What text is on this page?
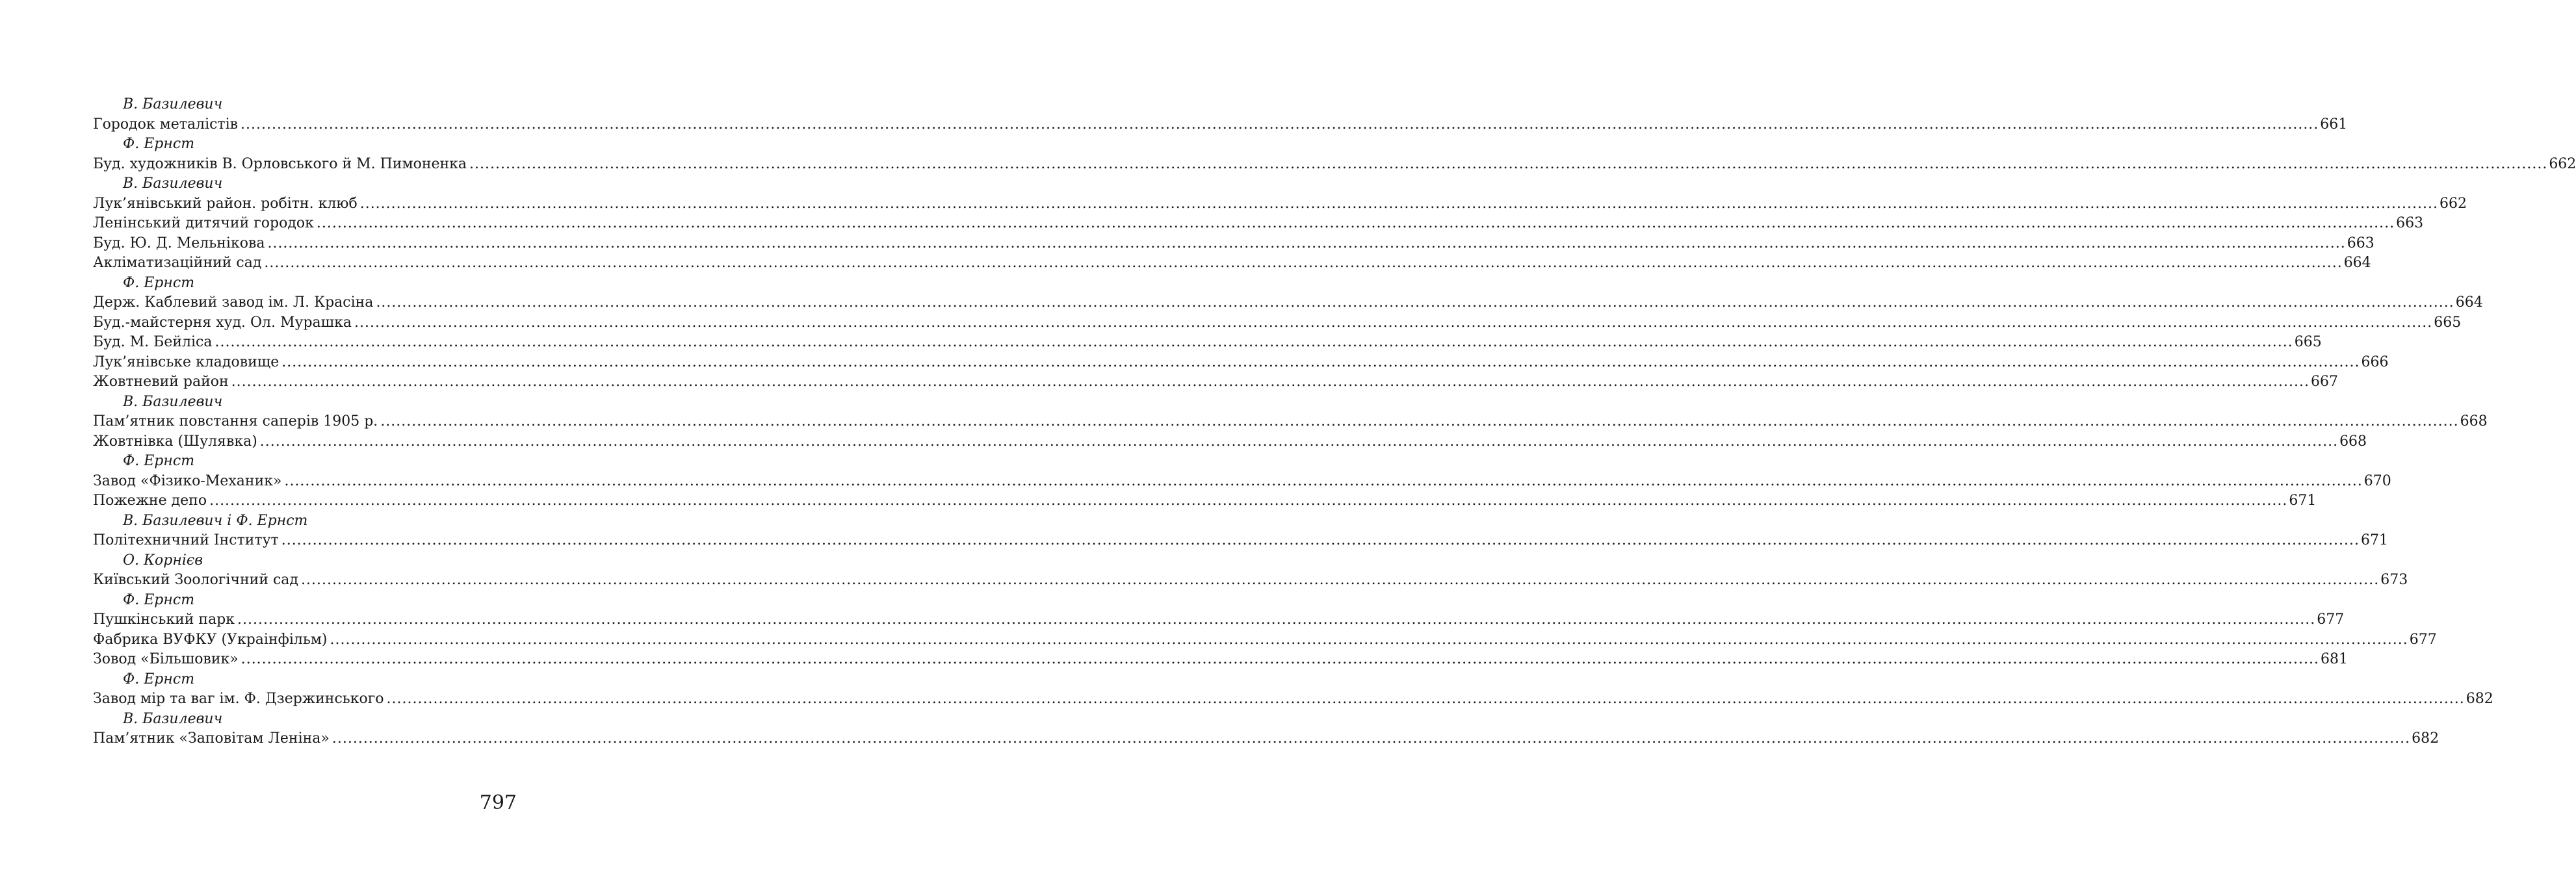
В. Базилевич
Городок металістів ................................................................................................................................................................................................................................................................................................................................................................................................................ 661
Ф. Ернст
Буд. художників В. Орловського й М. Пимоненка ................................................................................................................................................................................................................................................................................................................................................................................................................ 662
В. Базилевич
Лук’янівський район. робітн. клюб ................................................................................................................................................................................................................................................................................................................................................................................................................ 662
Ленінський дитячий городок ................................................................................................................................................................................................................................................................................................................................................................................................................ 663
Буд. Ю. Д. Мельнікова ................................................................................................................................................................................................................................................................................................................................................................................................................ 663
Акліматизаційний сад ................................................................................................................................................................................................................................................................................................................................................................................................................ 664
Ф. Ернст
Держ. Каблевий завод ім. Л. Красіна ................................................................................................................................................................................................................................................................................................................................................................................................................ 664
Буд.-майстерня худ. Ол. Мурашка ................................................................................................................................................................................................................................................................................................................................................................................................................ 665
Буд. М. Бейліса ................................................................................................................................................................................................................................................................................................................................................................................................................ 665
Лук’янівське кладовище ................................................................................................................................................................................................................................................................................................................................................................................................................ 666
Жовтневий район ................................................................................................................................................................................................................................................................................................................................................................................................................ 667
В. Базилевич
Пам’ятник повстання саперів 1905 р. ................................................................................................................................................................................................................................................................................................................................................................................................................ 668
Жовтнівка (Шулявка) ................................................................................................................................................................................................................................................................................................................................................................................................................ 668
Ф. Ернст
Завод «Фізико-Механик» ................................................................................................................................................................................................................................................................................................................................................................................................................ 670
Пожежне депо ................................................................................................................................................................................................................................................................................................................................................................................................................ 671
В. Базилевич і Ф. Ернст
Політехничний Інститут ................................................................................................................................................................................................................................................................................................................................................................................................................ 671
О. Корнієв
Київський Зоологічний сад ................................................................................................................................................................................................................................................................................................................................................................................................................ 673
Ф. Ернст
Пушкінський парк ................................................................................................................................................................................................................................................................................................................................................................................................................ 677
Фабрика ВУФКУ (Украінфільм) ................................................................................................................................................................................................................................................................................................................................................................................................................ 677
Зовод «Більшовик» ................................................................................................................................................................................................................................................................................................................................................................................................................ 681
Ф. Ернст
Завод мір та ваг ім. Ф. Дзержинського ................................................................................................................................................................................................................................................................................................................................................................................................................ 682
В. Базилевич
Пам’ятник «Заповітам Леніна» ................................................................................................................................................................................................................................................................................................................................................................................................................ 682
797
